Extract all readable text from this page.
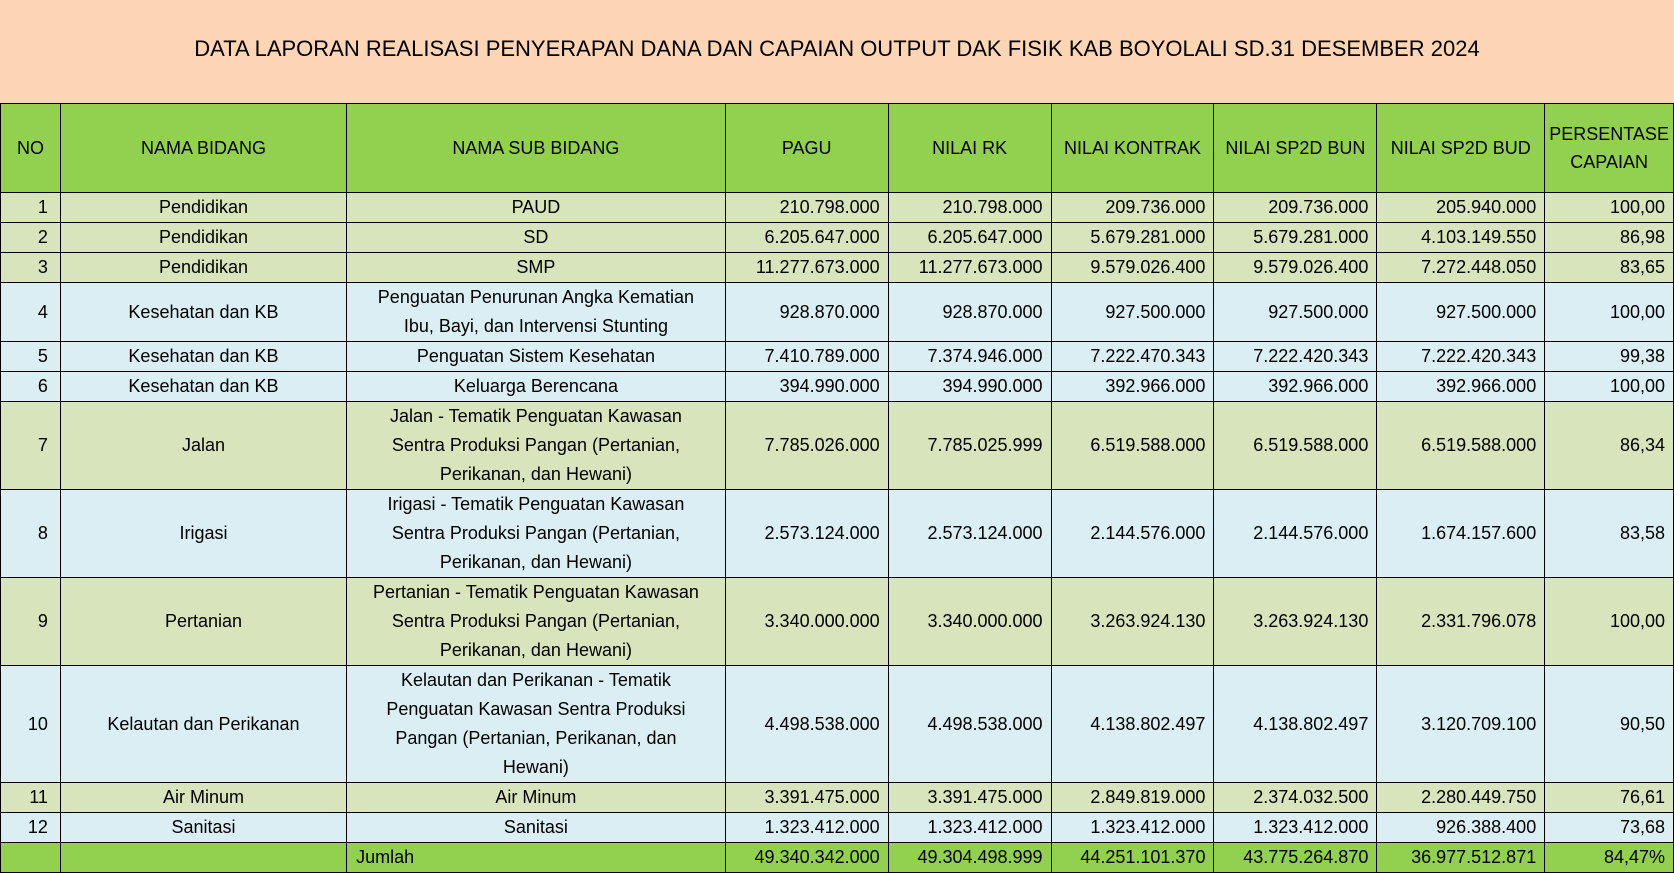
DATA LAPORAN REALISASI PENYERAPAN DANA DAN CAPAIAN OUTPUT DAK FISIK KAB BOYOLALI SD.31 DESEMBER 2024
NO	NAMA BIDANG	NAMA SUB BIDANG	PAGU	NILAI RK	NILAI KONTRAK	NILAI SP2D BUN	NILAI SP2D BUD	PERSENTASE
CAPAIAN
1	Pendidikan	PAUD	210.798.000	210.798.000	209.736.000	209.736.000	205.940.000	100,00
2	Pendidikan	SD	6.205.647.000	6.205.647.000	5.679.281.000	5.679.281.000	4.103.149.550	86,98
3	Pendidikan	SMP	11.277.673.000	11.277.673.000	9.579.026.400	9.579.026.400	7.272.448.050	83,65
4	Kesehatan dan KB	Penguatan Penurunan Angka Kematian
Ibu, Bayi, dan Intervensi Stunting	928.870.000	928.870.000	927.500.000	927.500.000	927.500.000	100,00
5	Kesehatan dan KB	Penguatan Sistem Kesehatan	7.410.789.000	7.374.946.000	7.222.470.343	7.222.420.343	7.222.420.343	99,38
6	Kesehatan dan KB	Keluarga Berencana	394.990.000	394.990.000	392.966.000	392.966.000	392.966.000	100,00
7	Jalan	Jalan - Tematik Penguatan Kawasan
Sentra Produksi Pangan (Pertanian,
Perikanan, dan Hewani)	7.785.026.000	7.785.025.999	6.519.588.000	6.519.588.000	6.519.588.000	86,34
8	Irigasi	Irigasi - Tematik Penguatan Kawasan
Sentra Produksi Pangan (Pertanian,
Perikanan, dan Hewani)	2.573.124.000	2.573.124.000	2.144.576.000	2.144.576.000	1.674.157.600	83,58
9	Pertanian	Pertanian - Tematik Penguatan Kawasan
Sentra Produksi Pangan (Pertanian,
Perikanan, dan Hewani)	3.340.000.000	3.340.000.000	3.263.924.130	3.263.924.130	2.331.796.078	100,00
10	Kelautan dan Perikanan	Kelautan dan Perikanan - Tematik
Penguatan Kawasan Sentra Produksi
Pangan (Pertanian, Perikanan, dan
Hewani)	4.498.538.000	4.498.538.000	4.138.802.497	4.138.802.497	3.120.709.100	90,50
11	Air Minum	Air Minum	3.391.475.000	3.391.475.000	2.849.819.000	2.374.032.500	2.280.449.750	76,61
12	Sanitasi	Sanitasi	1.323.412.000	1.323.412.000	1.323.412.000	1.323.412.000	926.388.400	73,68
		Jumlah	49.340.342.000	49.304.498.999	44.251.101.370	43.775.264.870	36.977.512.871	84,47%
